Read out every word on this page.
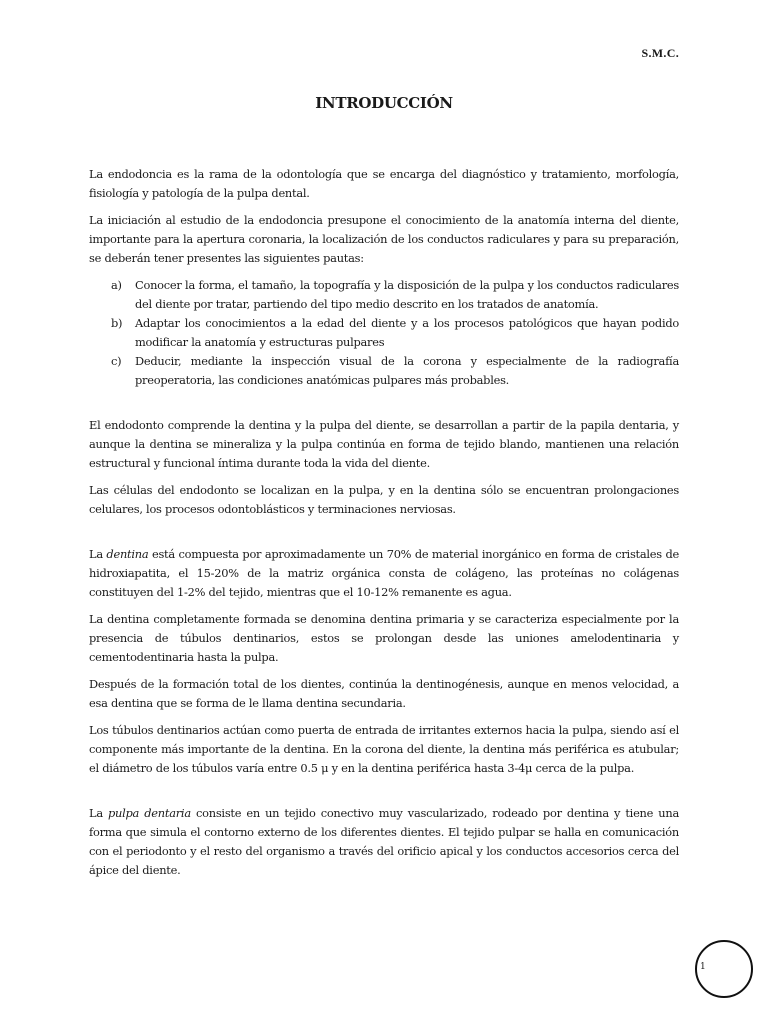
S.M.C.
INTRODUCCIÓN

La endodoncia es la rama de la odontología que se encarga del diagnóstico y tratamiento, morfología, fisiología y patología de la pulpa dental.

La iniciación al estudio de la endodoncia presupone el conocimiento de la anatomía interna del diente, importante para la apertura coronaria, la localización de los conductos radiculares y para su preparación, se deberán tener presentes las siguientes pautas:

a) Conocer la forma, el tamaño, la topografía y la disposición de la pulpa y los conductos radiculares del diente por tratar, partiendo del tipo medio descrito en los tratados de anatomía.
b) Adaptar los conocimientos a la edad del diente y a los procesos patológicos que hayan podido modificar la anatomía y estructuras pulpares
c) Deducir, mediante la inspección visual de la corona y especialmente de la radiografía preoperatoria, las condiciones anatómicas pulpares más probables.

El endodonto comprende la dentina y la pulpa del diente, se desarrollan a partir de la papila dentaria, y aunque la dentina se mineraliza y la pulpa continúa en forma de tejido blando, mantienen una relación estructural y funcional íntima durante toda la vida del diente.

Las células del endodonto se localizan en la pulpa, y en la dentina sólo se encuentran prolongaciones celulares, los procesos odontoblásticos y terminaciones nerviosas.

La dentina está compuesta por aproximadamente un 70% de material inorgánico en forma de cristales de hidroxiapatita, el 15-20% de la matriz orgánica consta de colágeno, las proteínas no colágenas constituyen del 1-2% del tejido, mientras que el 10-12% remanente es agua.

La dentina completamente formada se denomina dentina primaria y se caracteriza especialmente por la presencia de túbulos dentinarios, estos se prolongan desde las uniones amelodentinaria y cementodentinaria hasta la pulpa.

Después de la formación total de los dientes, continúa la dentinogénesis, aunque en menos velocidad, a esa dentina que se forma de le llama dentina secundaria.

Los túbulos dentinarios actúan como puerta de entrada de irritantes externos hacia la pulpa, siendo así el componente más importante de la dentina. En la corona del diente, la dentina más periférica es atubular; el diámetro de los túbulos varía entre 0.5 μ y en la dentina periférica hasta 3-4μ cerca de la pulpa.

La pulpa dentaria consiste en un tejido conectivo muy vascularizado, rodeado por dentina y tiene una forma que simula el contorno externo de los diferentes dientes. El tejido pulpar se halla en comunicación con el periodonto y el resto del organismo a través del orificio apical y los conductos accesorios cerca del ápice del diente.

1
